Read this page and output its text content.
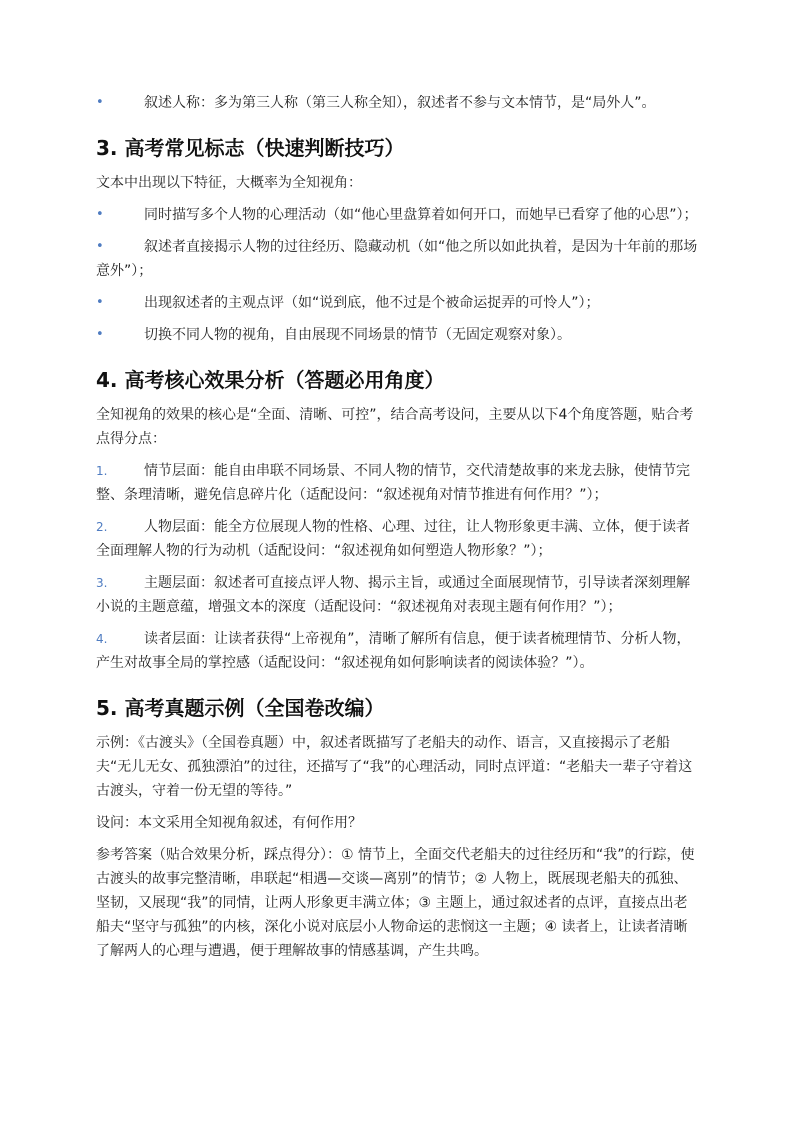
•	叙述人称：多为第三人称（第三人称全知），叙述者不参与文本情节，是“局外人”。
3. 高考常见标志（快速判断技巧）

文本中出现以下特征，大概率为全知视角：

•	同时描写多个人物的心理活动（如“他心里盘算着如何开口，而她早已看穿了他的心思”）；
•	叙述者直接揭示人物的过往经历、隐藏动机（如“他之所以如此执着，是因为十年前的那场意外”）；
•	出现叙述者的主观点评（如“说到底，他不过是个被命运捉弄的可怜人”）；
•	切换不同人物的视角，自由展现不同场景的情节（无固定观察对象）。
4. 高考核心效果分析（答题必用角度）

全知视角的效果的核心是“全面、清晰、可控”，结合高考设问，主要从以下4个角度答题，贴合考点得分点：

1.	情节层面：能自由串联不同场景、不同人物的情节，交代清楚故事的来龙去脉，使情节完整、条理清晰，避免信息碎片化（适配设问：“叙述视角对情节推进有何作用？”）；
2.	人物层面：能全方位展现人物的性格、心理、过往，让人物形象更丰满、立体，便于读者全面理解人物的行为动机（适配设问：“叙述视角如何塑造人物形象？”）；
3.	主题层面：叙述者可直接点评人物、揭示主旨，或通过全面展现情节，引导读者深刻理解小说的主题意蕴，增强文本的深度（适配设问：“叙述视角对表现主题有何作用？”）；
4.	读者层面：让读者获得“上帝视角”，清晰了解所有信息，便于读者梳理情节、分析人物，产生对故事全局的掌控感（适配设问：“叙述视角如何影响读者的阅读体验？”）。
5. 高考真题示例（全国卷改编）

示例：《古渡头》（全国卷真题）中，叙述者既描写了老船夫的动作、语言，又直接揭示了老船夫“无儿无女、孤独漂泊”的过往，还描写了“我”的心理活动，同时点评道：“老船夫一辈子守着这古渡头，守着一份无望的等待。”

设问：本文采用全知视角叙述，有何作用？

参考答案（贴合效果分析，踩点得分）：① 情节上，全面交代老船夫的过往经历和“我”的行踪，使古渡头的故事完整清晰，串联起“相遇—交谈—离别”的情节；② 人物上，既展现老船夫的孤独、坚韧，又展现“我”的同情，让两人形象更丰满立体；③ 主题上，通过叙述者的点评，直接点出老船夫“坚守与孤独”的内核，深化小说对底层小人物命运的悲悯这一主题；④ 读者上，让读者清晰了解两人的心理与遭遇，便于理解故事的情感基调，产生共鸣。
